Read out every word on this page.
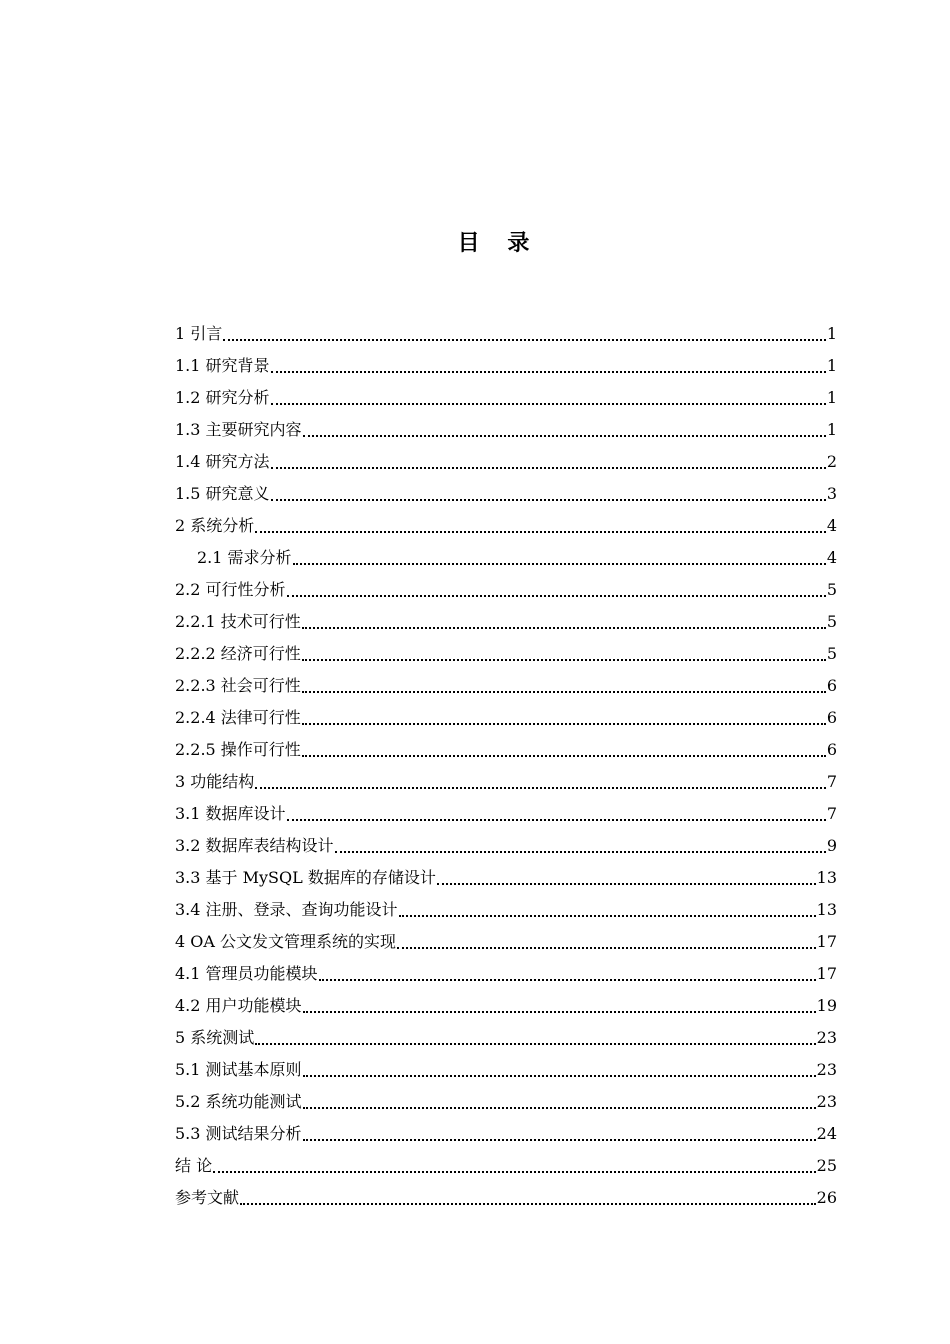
目 录
1 引言	1
1.1 研究背景	1
1.2 研究分析	1
1.3 主要研究内容	1
1.4 研究方法	2
1.5 研究意义	3
2 系统分析	4
2.1 需求分析	4
2.2 可行性分析	5
2.2.1 技术可行性	5
2.2.2 经济可行性	5
2.2.3 社会可行性	6
2.2.4 法律可行性	6
2.2.5 操作可行性	6
3 功能结构	7
3.1 数据库设计	7
3.2 数据库表结构设计	9
3.3 基于 MySQL 数据库的存储设计	13
3.4 注册、登录、查询功能设计	13
4 OA 公文发文管理系统的实现	17
4.1 管理员功能模块	17
4.2 用户功能模块	19
5 系统测试	23
5.1 测试基本原则	23
5.2 系统功能测试	23
5.3 测试结果分析	24
结 论	25
参考文献	26
